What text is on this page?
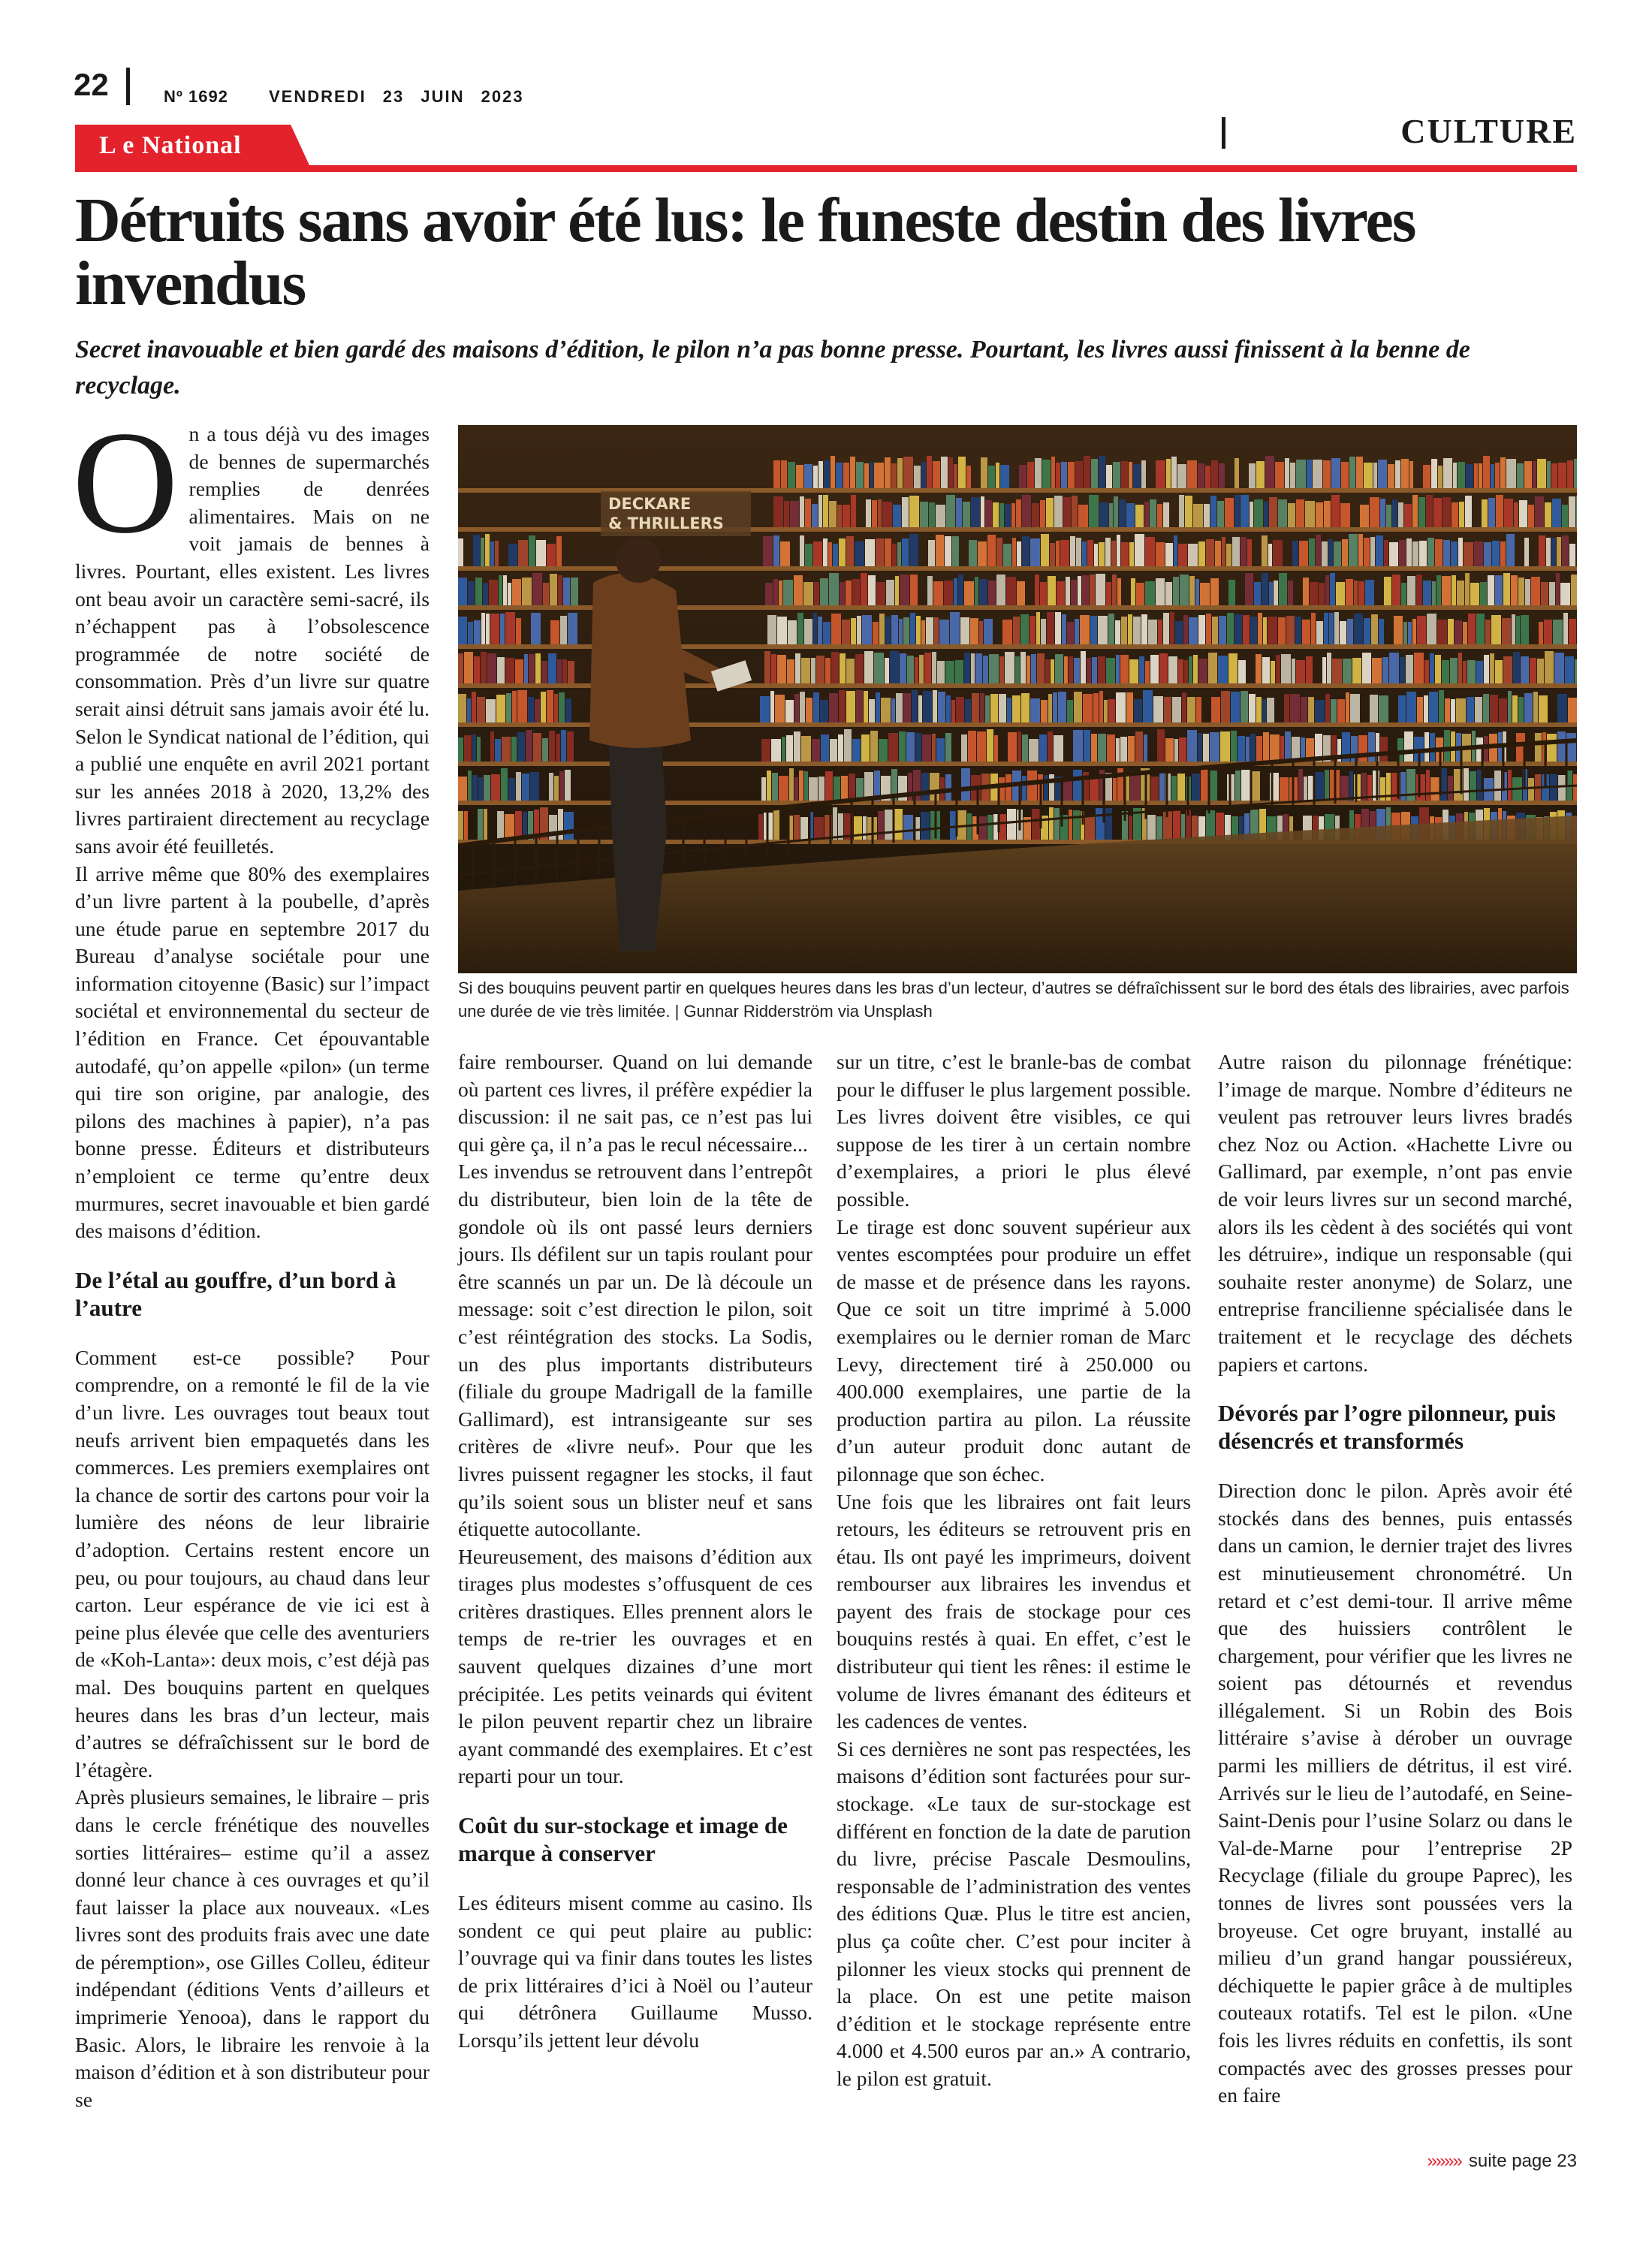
22	Nº 1692 VENDREDI 23 JUIN 2023
CULTURE
L e National
Détruits sans avoir été lus: le funeste destin des livres invendus

Secret inavouable et bien gardé des maisons d’édition, le pilon n’a pas bonne presse. Pourtant, les livres aussi finissent à la benne de recyclage.

On a tous déjà vu des images de bennes de supermarchés remplies de denrées alimentaires. Mais on ne voit jamais de bennes à livres. Pourtant, elles existent. Les livres ont beau avoir un caractère semi-sacré, ils n’échappent pas à l’obsolescence programmée de notre société de consommation. Près d’un livre sur quatre serait ainsi détruit sans jamais avoir été lu. Selon le Syndicat national de l’édition, qui a publié une enquête en avril 2021 portant sur les années 2018 à 2020, 13,2% des livres partiraient directement au recyclage sans avoir été feuilletés.

Il arrive même que 80% des exemplaires d’un livre partent à la poubelle, d’après une étude parue en septembre 2017 du Bureau d’analyse sociétale pour une information citoyenne (Basic) sur l’impact sociétal et environnemental du secteur de l’édition en France. Cet épouvantable autodafé, qu’on appelle «pilon» (un terme qui tire son origine, par analogie, des pilons des machines à papier), n’a pas bonne presse. Éditeurs et distributeurs n’emploient ce terme qu’entre deux murmures, secret inavouable et bien gardé des maisons d’édition.

De l’étal au gouffre, d’un bord à l’autre

Comment est-ce possible? Pour comprendre, on a remonté le fil de la vie d’un livre. Les ouvrages tout beaux tout neufs arrivent bien empaquetés dans les commerces. Les premiers exemplaires ont la chance de sortir des cartons pour voir la lumière des néons de leur librairie d’adoption. Certains restent encore un peu, ou pour toujours, au chaud dans leur carton. Leur espérance de vie ici est à peine plus élevée que celle des aventuriers de «Koh-Lanta»: deux mois, c’est déjà pas mal. Des bouquins partent en quelques heures dans les bras d’un lecteur, mais d’autres se défraîchissent sur le bord de l’étagère.

Après plusieurs semaines, le libraire – pris dans le cercle frénétique des nouvelles sorties littéraires– estime qu’il a assez donné leur chance à ces ouvrages et qu’il faut laisser la place aux nouveaux. «Les livres sont des produits frais avec une date de péremption», ose Gilles Colleu, éditeur indépendant (éditions Vents d’ailleurs et imprimerie Yenooa), dans le rapport du Basic. Alors, le libraire les renvoie à la maison d’édition et à son distributeur pour se

DECKARE
& THRILLERS
Si des bouquins peuvent partir en quelques heures dans les bras d’un lecteur, d’autres se défraîchissent sur le bord des étals des librairies, avec parfois une durée de vie très limitée. | Gunnar Ridderström via Unsplash

faire rembourser. Quand on lui demande où partent ces livres, il préfère expédier la discussion: il ne sait pas, ce n’est pas lui qui gère ça, il n’a pas le recul nécessaire...

Les invendus se retrouvent dans l’entrepôt du distributeur, bien loin de la tête de gondole où ils ont passé leurs derniers jours. Ils défilent sur un tapis roulant pour être scannés un par un. De là découle un message: soit c’est direction le pilon, soit c’est réintégration des stocks. La Sodis, un des plus importants distributeurs (filiale du groupe Madrigall de la famille Gallimard), est intransigeante sur ses critères de «livre neuf». Pour que les livres puissent regagner les stocks, il faut qu’ils soient sous un blister neuf et sans étiquette autocollante.

Heureusement, des maisons d’édition aux tirages plus modestes s’offusquent de ces critères drastiques. Elles prennent alors le temps de re-trier les ouvrages et en sauvent quelques dizaines d’une mort précipitée. Les petits veinards qui évitent le pilon peuvent repartir chez un libraire ayant commandé des exemplaires. Et c’est reparti pour un tour.

Coût du sur-stockage et image de marque à conserver

Les éditeurs misent comme au casino. Ils sondent ce qui peut plaire au public: l’ouvrage qui va finir dans toutes les listes de prix littéraires d’ici à Noël ou l’auteur qui détrônera Guillaume Musso. Lorsqu’ils jettent leur dévolu

sur un titre, c’est le branle-bas de combat pour le diffuser le plus largement possible. Les livres doivent être visibles, ce qui suppose de les tirer à un certain nombre d’exemplaires, a priori le plus élevé possible.

Le tirage est donc souvent supérieur aux ventes escomptées pour produire un effet de masse et de présence dans les rayons. Que ce soit un titre imprimé à 5.000 exemplaires ou le dernier roman de Marc Levy, directement tiré à 250.000 ou 400.000 exemplaires, une partie de la production partira au pilon. La réussite d’un auteur produit donc autant de pilonnage que son échec.

Une fois que les libraires ont fait leurs retours, les éditeurs se retrouvent pris en étau. Ils ont payé les imprimeurs, doivent rembourser aux libraires les invendus et payent des frais de stockage pour ces bouquins restés à quai. En effet, c’est le distributeur qui tient les rênes: il estime le volume de livres émanant des éditeurs et les cadences de ventes.

Si ces dernières ne sont pas respectées, les maisons d’édition sont facturées pour sur-stockage. «Le taux de sur-stockage est différent en fonction de la date de parution du livre, précise Pascale Desmoulins, responsable de l’administration des ventes des éditions Quæ. Plus le titre est ancien, plus ça coûte cher. C’est pour inciter à pilonner les vieux stocks qui prennent de la place. On est une petite maison d’édition et le stockage représente entre 4.000 et 4.500 euros par an.» A contrario, le pilon est gratuit.

Autre raison du pilonnage frénétique: l’image de marque. Nombre d’éditeurs ne veulent pas retrouver leurs livres bradés chez Noz ou Action. «Hachette Livre ou Gallimard, par exemple, n’ont pas envie de voir leurs livres sur un second marché, alors ils les cèdent à des sociétés qui vont les détruire», indique un responsable (qui souhaite rester anonyme) de Solarz, une entreprise francilienne spécialisée dans le traitement et le recyclage des déchets papiers et cartons.

Dévorés par l’ogre pilonneur, puis désencrés et transformés

Direction donc le pilon. Après avoir été stockés dans des bennes, puis entassés dans un camion, le dernier trajet des livres est minutieusement chronométré. Un retard et c’est demi-tour. Il arrive même que des huissiers contrôlent le chargement, pour vérifier que les livres ne soient pas détournés et revendus illégalement. Si un Robin des Bois littéraire s’avise à dérober un ouvrage parmi les milliers de détritus, il est viré. Arrivés sur le lieu de l’autodafé, en Seine-Saint-Denis pour l’usine Solarz ou dans le Val-de-Marne pour l’entreprise 2P Recyclage (filiale du groupe Paprec), les tonnes de livres sont poussées vers la broyeuse. Cet ogre bruyant, installé au milieu d’un grand hangar poussiéreux, déchiquette le papier grâce à de multiples couteaux rotatifs. Tel est le pilon. «Une fois les livres réduits en confettis, ils sont compactés avec des grosses presses pour en faire

»»»» suite page 23
